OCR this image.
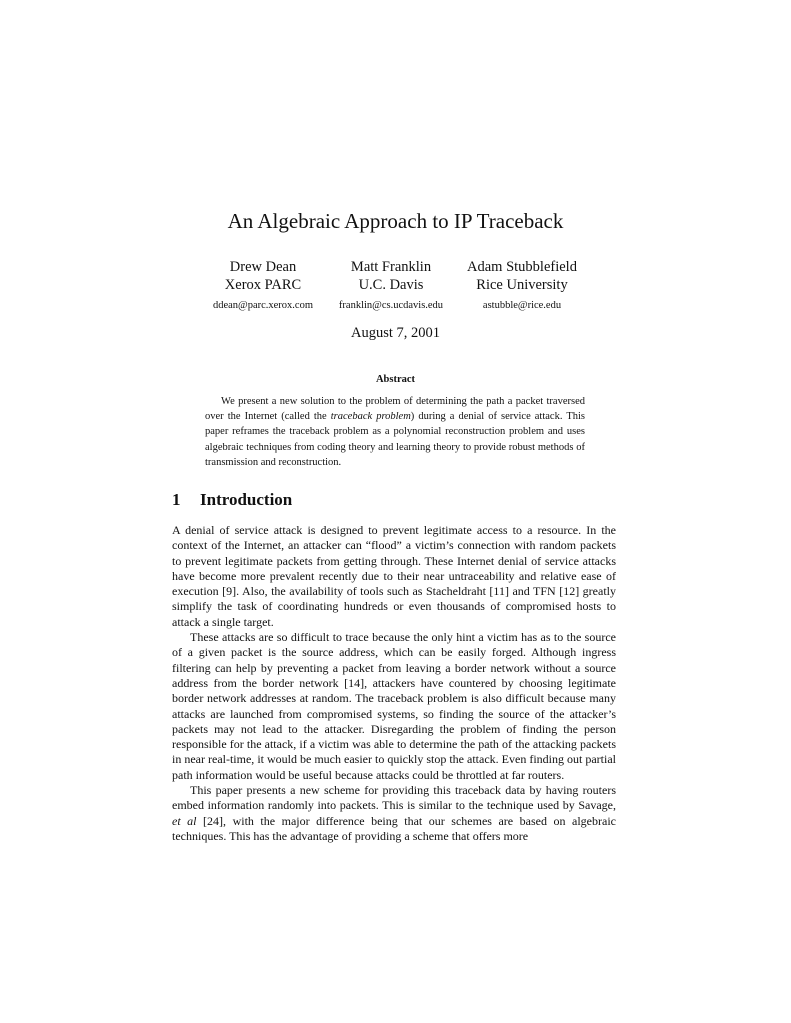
An Algebraic Approach to IP Traceback
Drew Dean
Xerox PARC
ddean@parc.xerox.com
Matt Franklin
U.C. Davis
franklin@cs.ucdavis.edu
Adam Stubblefield
Rice University
astubble@rice.edu
August 7, 2001
Abstract

We present a new solution to the problem of determining the path a packet traversed over the Internet (called the traceback problem) during a denial of service attack. This paper reframes the traceback problem as a polynomial reconstruction problem and uses algebraic techniques from coding theory and learning theory to provide robust methods of transmission and reconstruction.

1 Introduction

A denial of service attack is designed to prevent legitimate access to a resource. In the context of the Internet, an attacker can “flood” a victim’s connection with random packets to prevent legitimate packets from getting through. These Internet denial of service attacks have become more prevalent recently due to their near untraceability and relative ease of execution [9]. Also, the availability of tools such as Stacheldraht [11] and TFN [12] greatly simplify the task of coordinating hundreds or even thousands of compromised hosts to attack a single target.

These attacks are so difficult to trace because the only hint a victim has as to the source of a given packet is the source address, which can be easily forged. Although ingress filtering can help by preventing a packet from leaving a border network without a source address from the border network [14], attackers have countered by choosing legitimate border network addresses at random. The traceback problem is also difficult because many attacks are launched from compromised systems, so finding the source of the attacker’s packets may not lead to the attacker. Disregarding the problem of finding the person responsible for the attack, if a victim was able to determine the path of the attacking packets in near real-time, it would be much easier to quickly stop the attack. Even finding out partial path information would be useful because attacks could be throttled at far routers.

This paper presents a new scheme for providing this traceback data by having routers embed information randomly into packets. This is similar to the technique used by Savage, et al [24], with the major difference being that our schemes are based on algebraic techniques. This has the advantage of providing a scheme that offers more
